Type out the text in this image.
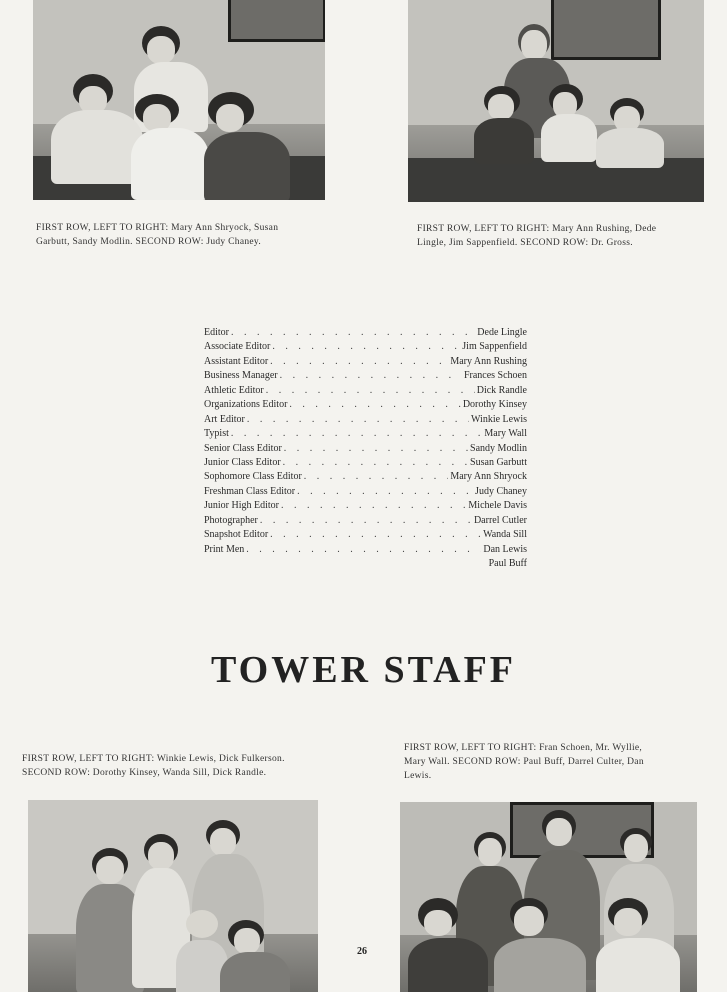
FIRST ROW, LEFT TO RIGHT: Mary Ann Shryock, Susan
Garbutt, Sandy Modlin. SECOND ROW: Judy Chaney.
FIRST ROW, LEFT TO RIGHT: Mary Ann Rushing, Dede
Lingle, Jim Sappenfield. SECOND ROW: Dr. Gross.
Editor . . .	Dede Lingle
Associate Editor . . .	Jim Sappenfield
Assistant Editor . . .	Mary Ann Rushing
Business Manager . . .	Frances Schoen
Athletic Editor . . .	Dick Randle
Organizations Editor . . .	Dorothy Kinsey
Art Editor . . .	Winkie Lewis
Typist . . .	Mary Wall
Senior Class Editor . . .	Sandy Modlin
Junior Class Editor . . .	Susan Garbutt
Sophomore Class Editor . . .	Mary Ann Shryock
Freshman Class Editor . . .	Judy Chaney
Junior High Editor . . .	Michele Davis
Photographer . . .	Darrel Cutler
Snapshot Editor . . .	Wanda Sill
Print Men . . .	Dan Lewis
Paul Buff
TOWER STAFF
FIRST ROW, LEFT TO RIGHT: Winkie Lewis, Dick Fulkerson.
SECOND ROW: Dorothy Kinsey, Wanda Sill, Dick Randle.
FIRST ROW, LEFT TO RIGHT: Fran Schoen, Mr. Wyllie,
Mary Wall. SECOND ROW: Paul Buff, Darrel Culter, Dan
Lewis.
26
